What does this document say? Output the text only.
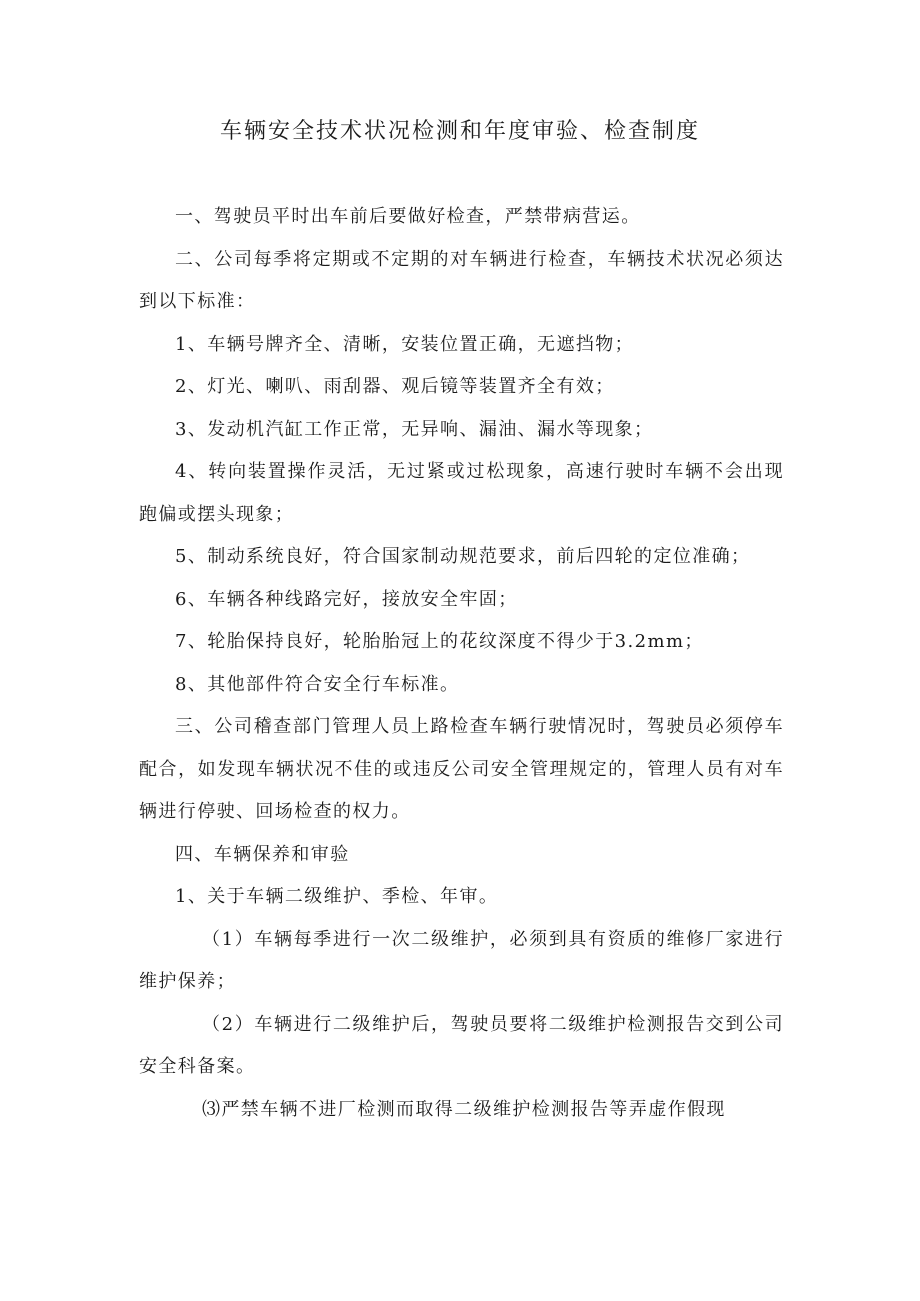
车辆安全技术状况检测和年度审验、检查制度

一、驾驶员平时出车前后要做好检查，严禁带病营运。

二、公司每季将定期或不定期的对车辆进行检查，车辆技术状况必须达到以下标准：

1、车辆号牌齐全、清晰，安装位置正确，无遮挡物；

2、灯光、喇叭、雨刮器、观后镜等装置齐全有效；

3、发动机汽缸工作正常，无异响、漏油、漏水等现象；

4、转向装置操作灵活，无过紧或过松现象，高速行驶时车辆不会出现跑偏或摆头现象；

5、制动系统良好，符合国家制动规范要求，前后四轮的定位准确；

6、车辆各种线路完好，接放安全牢固；

7、轮胎保持良好，轮胎胎冠上的花纹深度不得少于3.2mm；

8、其他部件符合安全行车标准。

三、公司稽查部门管理人员上路检查车辆行驶情况时，驾驶员必须停车配合，如发现车辆状况不佳的或违反公司安全管理规定的，管理人员有对车辆进行停驶、回场检查的权力。

四、车辆保养和审验

1、关于车辆二级维护、季检、年审。

（1）车辆每季进行一次二级维护，必须到具有资质的维修厂家进行维护保养；

（2）车辆进行二级维护后，驾驶员要将二级维护检测报告交到公司安全科备案。

⑶严禁车辆不进厂检测而取得二级维护检测报告等弄虚作假现
